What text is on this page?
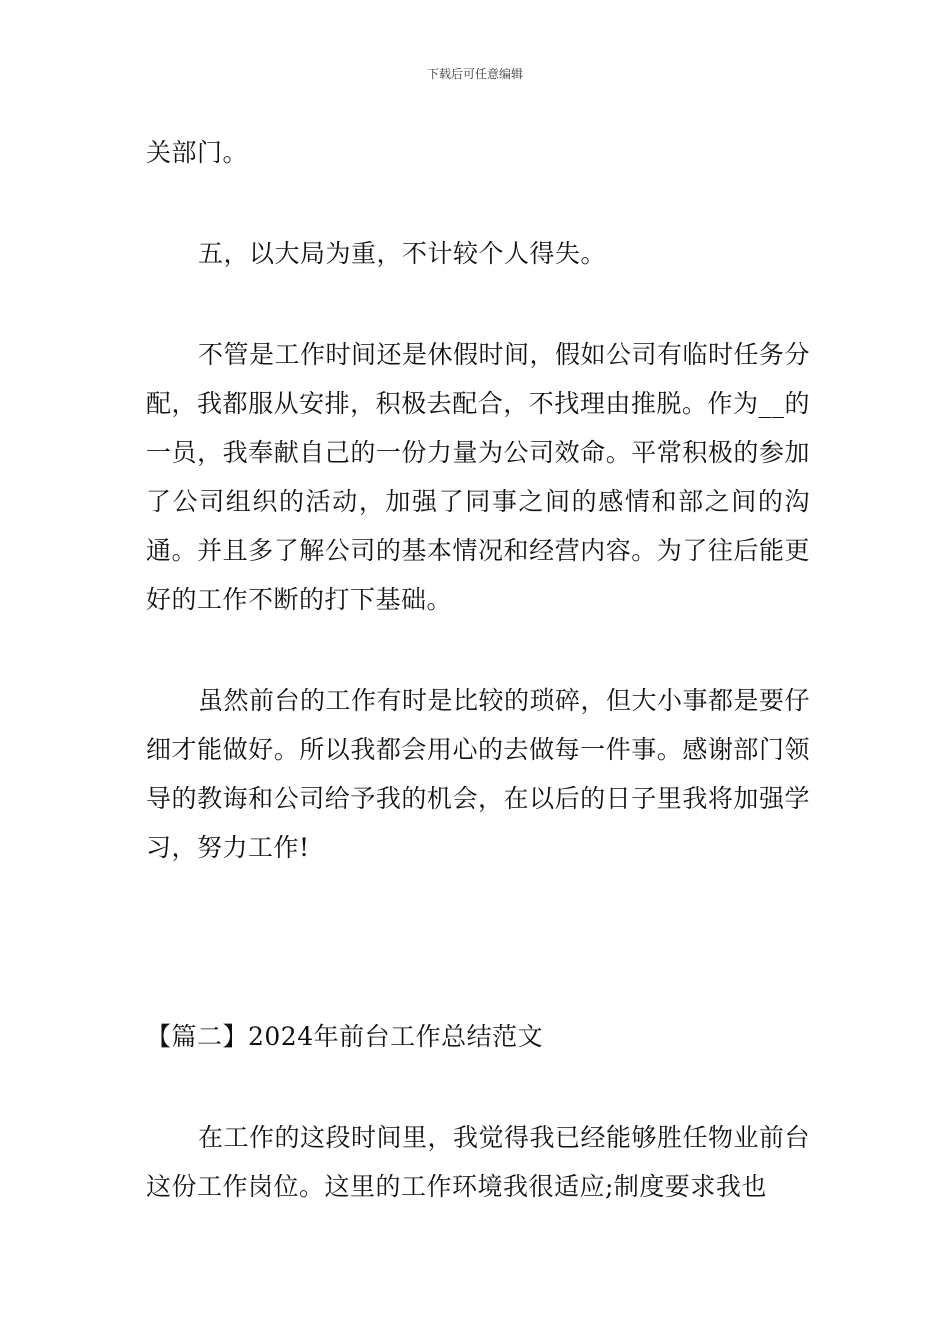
下载后可任意编辑

关部门。

五，以大局为重，不计较个人得失。

不管是工作时间还是休假时间，假如公司有临时任务分配，我都服从安排，积极去配合，不找理由推脱。作为__的一员，我奉献自己的一份力量为公司效命。平常积极的参加了公司组织的活动，加强了同事之间的感情和部之间的沟通。并且多了解公司的基本情况和经营内容。为了往后能更好的工作不断的打下基础。

虽然前台的工作有时是比较的琐碎，但大小事都是要仔细才能做好。所以我都会用心的去做每一件事。感谢部门领导的教诲和公司给予我的机会，在以后的日子里我将加强学习，努力工作!

【篇二】2024年前台工作总结范文

在工作的这段时间里，我觉得我已经能够胜任物业前台这份工作岗位。这里的工作环境我很适应;制度要求我也
